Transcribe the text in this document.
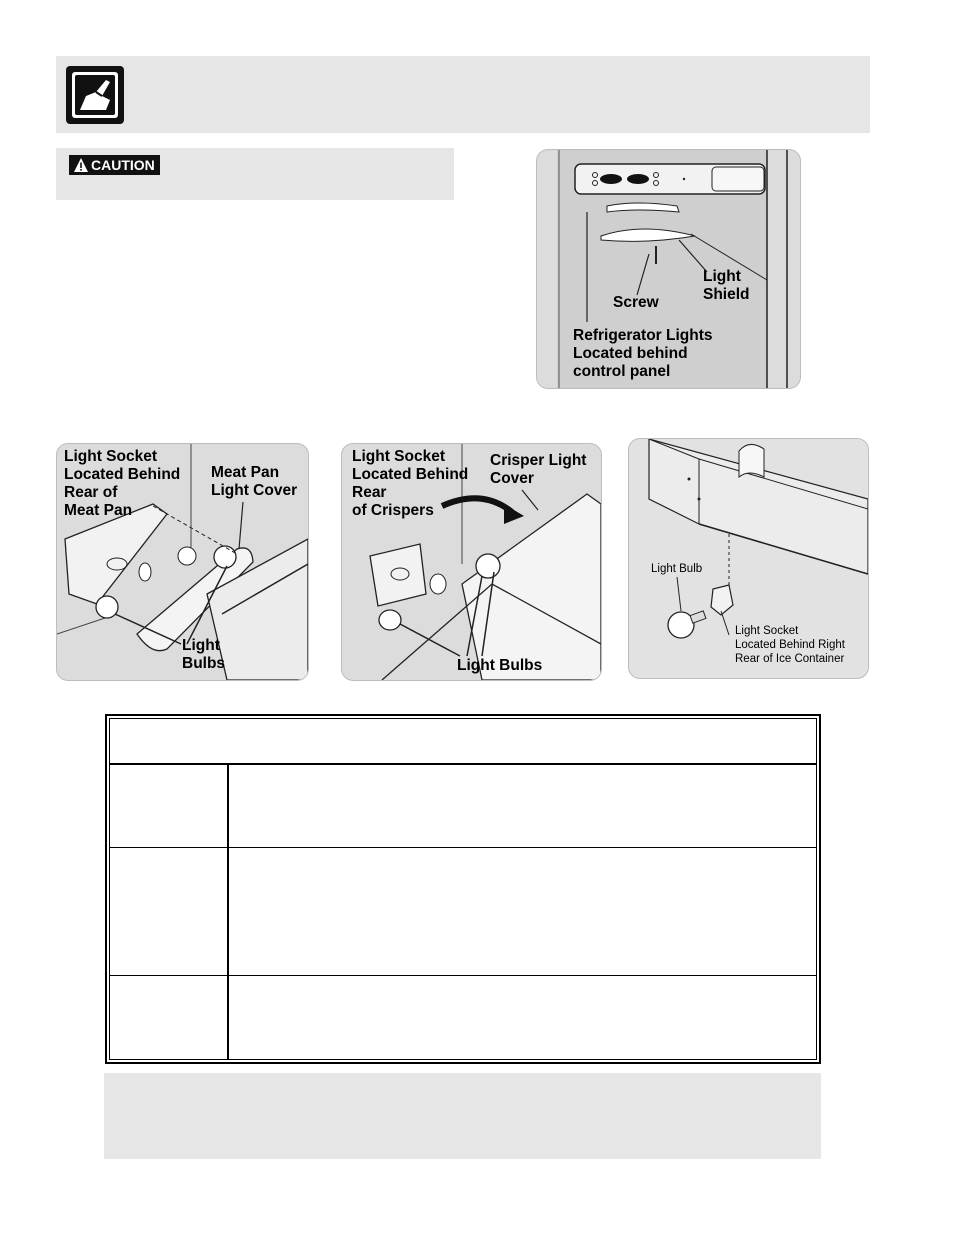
CAUTION
Light
Shield
Screw
Refrigerator Lights
Located behind
control panel
Light Socket
Located Behind
Rear of
Meat Pan
Meat Pan
Light Cover
Light
Bulbs
Light Socket
Located Behind
Rear
of Crispers
Crisper Light
Cover
Light Bulbs
Light Bulb
Light Socket
Located Behind Right
Rear of Ice Container
